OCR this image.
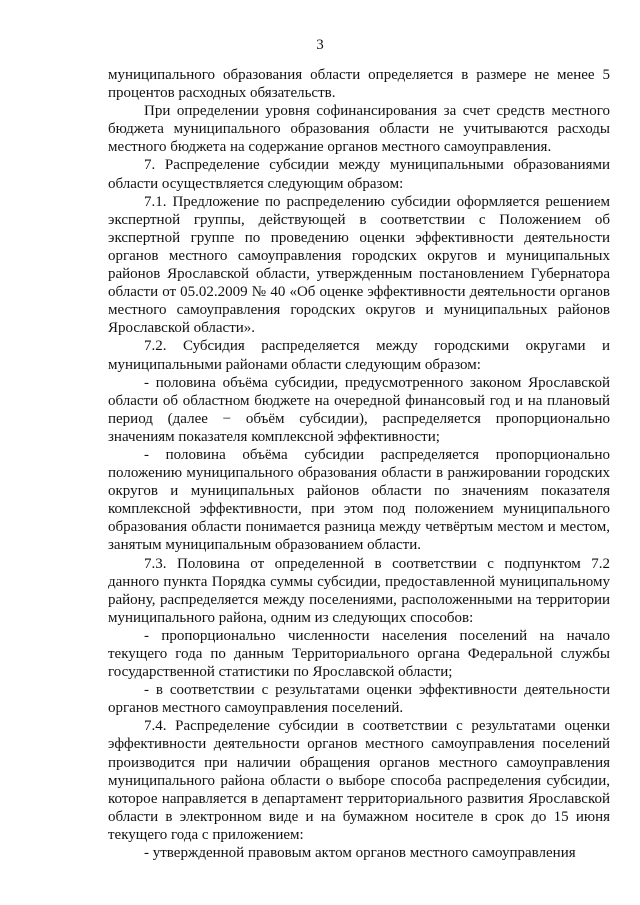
3

муниципального образования области определяется в размере не менее 5 процентов расходных обязательств.

При определении уровня софинансирования за счет средств местного бюджета муниципального образования области не учитываются расходы местного бюджета на содержание органов местного самоуправления.

7. Распределение субсидии между муниципальными образованиями области осуществляется следующим образом:

7.1. Предложение по распределению субсидии оформляется решением экспертной группы, действующей в соответствии с Положением об экспертной группе по проведению оценки эффективности деятельности органов местного самоуправления городских округов и муниципальных районов Ярославской области, утвержденным постановлением Губернатора области от 05.02.2009 № 40 «Об оценке эффективности деятельности органов местного самоуправления городских округов и муниципальных районов Ярославской области».

7.2. Субсидия распределяется между городскими округами и муниципальными районами области следующим образом:

- половина объёма субсидии, предусмотренного законом Ярославской области об областном бюджете на очередной финансовый год и на плановый период (далее − объём субсидии), распределяется пропорционально значениям показателя комплексной эффективности;

- половина объёма субсидии распределяется пропорционально положению муниципального образования области в ранжировании городских округов и муниципальных районов области по значениям показателя комплексной эффективности, при этом под положением муниципального образования области понимается разница между четвёртым местом и местом, занятым муниципальным образованием области.

7.3. Половина от определенной в соответствии с подпунктом 7.2 данного пункта Порядка суммы субсидии, предоставленной муниципальному району, распределяется между поселениями, расположенными на территории муниципального района, одним из следующих способов:

- пропорционально численности населения поселений на начало текущего года по данным Территориального органа Федеральной службы государственной статистики по Ярославской области;

- в соответствии с результатами оценки эффективности деятельности органов местного самоуправления поселений.

7.4. Распределение субсидии в соответствии с результатами оценки эффективности деятельности органов местного самоуправления поселений производится при наличии обращения органов местного самоуправления муниципального района области о выборе способа распределения субсидии, которое направляется в департамент территориального развития Ярославской области в электронном виде и на бумажном носителе в срок до 15 июня текущего года с приложением:

- утвержденной правовым актом органов местного самоуправления
